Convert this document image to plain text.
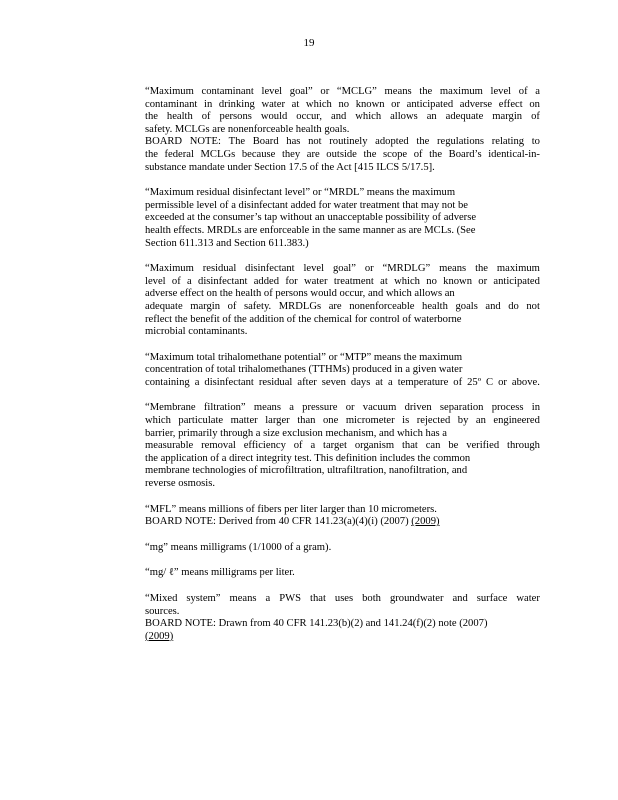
19
“Maximum contaminant level goal” or “MCLG” means the maximum level of a
contaminant in drinking water at which no known or anticipated adverse effect on
the health of persons would occur, and which allows an adequate margin of
safety. MCLGs are nonenforceable health goals.
BOARD NOTE: The Board has not routinely adopted the regulations relating to
the federal MCLGs because they are outside the scope of the Board’s identical-in-
substance mandate under Section 17.5 of the Act [415 ILCS 5/17.5].
“Maximum residual disinfectant level” or “MRDL” means the maximum
permissible level of a disinfectant added for water treatment that may not be
exceeded at the consumer’s tap without an unacceptable possibility of adverse
health effects. MRDLs are enforceable in the same manner as are MCLs. (See
Section 611.313 and Section 611.383.)
“Maximum residual disinfectant level goal” or “MRDLG” means the maximum
level of a disinfectant added for water treatment at which no known or anticipated
adverse effect on the health of persons would occur, and which allows an
adequate margin of safety. MRDLGs are nonenforceable health goals and do not
reflect the benefit of the addition of the chemical for control of waterborne
microbial contaminants.
“Maximum total trihalomethane potential” or “MTP” means the maximum
concentration of total trihalomethanes (TTHMs) produced in a given water
containing a disinfectant residual after seven days at a temperature of 25º C or above.
“Membrane filtration” means a pressure or vacuum driven separation process in
which particulate matter larger than one micrometer is rejected by an engineered
barrier, primarily through a size exclusion mechanism, and which has a
measurable removal efficiency of a target organism that can be verified through
the application of a direct integrity test. This definition includes the common
membrane technologies of microfiltration, ultrafiltration, nanofiltration, and
reverse osmosis.
“MFL” means millions of fibers per liter larger than 10 micrometers.
BOARD NOTE: Derived from 40 CFR 141.23(a)(4)(i) (2007) (2009)
“mg” means milligrams (1/1000 of a gram).
“mg/ ℓ” means milligrams per liter.
“Mixed system” means a PWS that uses both groundwater and surface water
sources.
BOARD NOTE: Drawn from 40 CFR 141.23(b)(2) and 141.24(f)(2) note (2007)
(2009)
